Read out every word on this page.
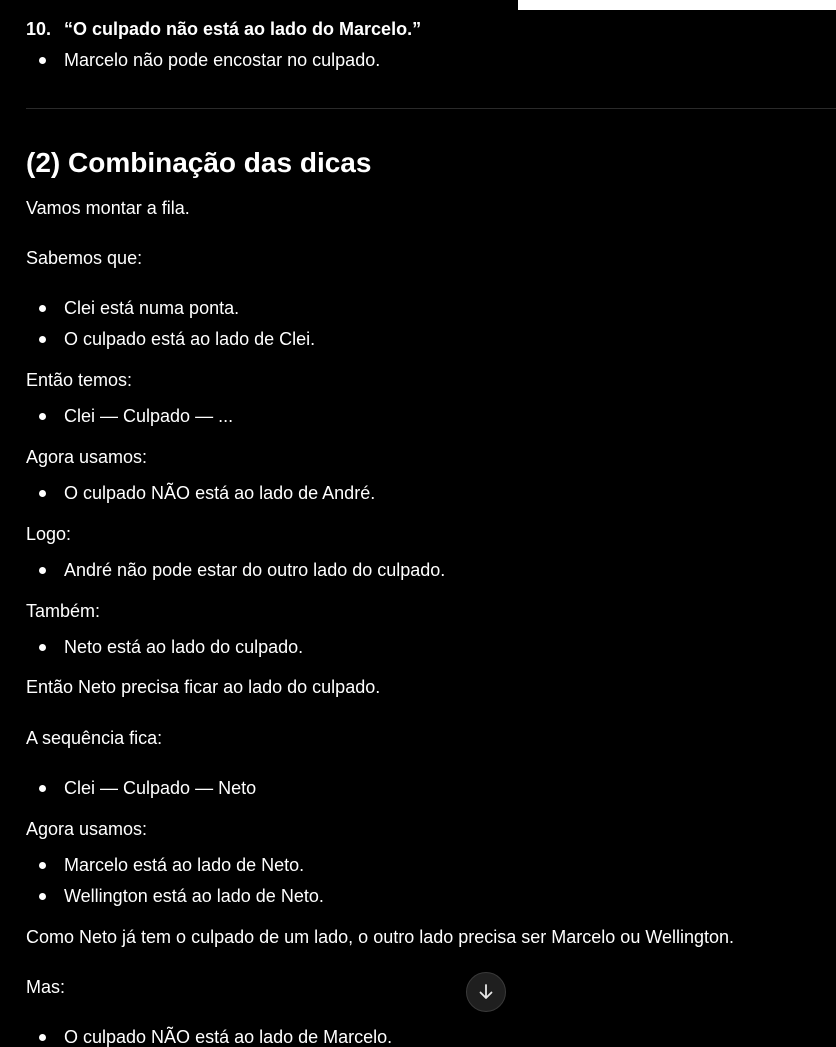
10. “O culpado não está ao lado do Marcelo.”
Marcelo não pode encostar no culpado.
(2) Combinação das dicas
Vamos montar a fila.
Sabemos que:
Clei está numa ponta.
O culpado está ao lado de Clei.
Então temos:
Clei — Culpado — ...
Agora usamos:
O culpado NÃO está ao lado de André.
Logo:
André não pode estar do outro lado do culpado.
Também:
Neto está ao lado do culpado.
Então Neto precisa ficar ao lado do culpado.
A sequência fica:
Clei — Culpado — Neto
Agora usamos:
Marcelo está ao lado de Neto.
Wellington está ao lado de Neto.
Como Neto já tem o culpado de um lado, o outro lado precisa ser Marcelo ou Wellington.
Mas:
O culpado NÃO está ao lado de Marcelo.
